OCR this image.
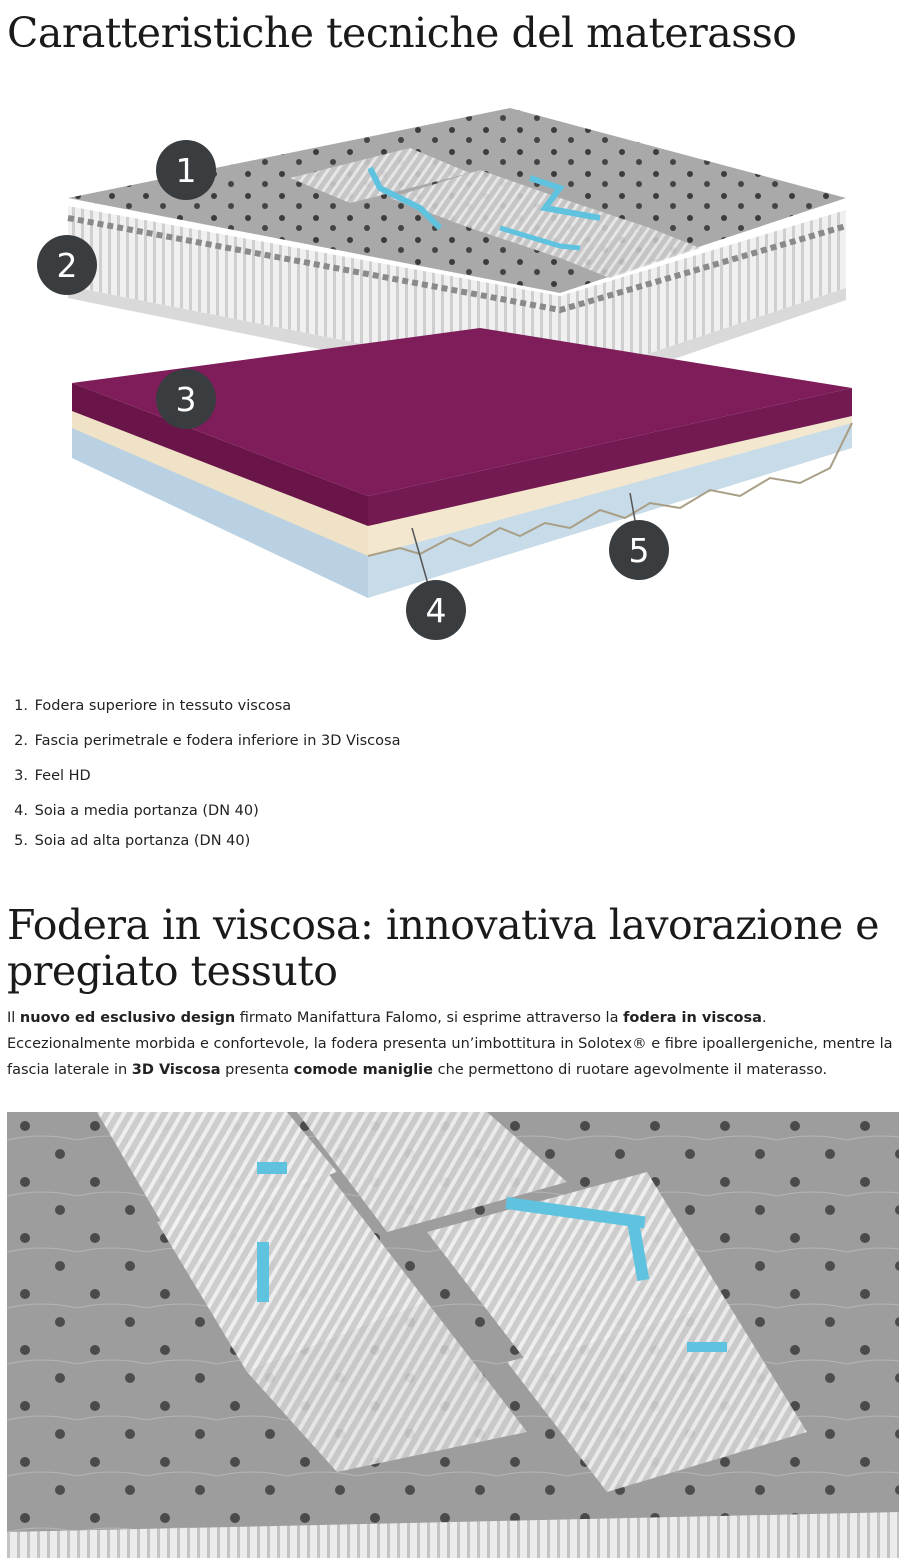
Caratteristiche tecniche del materasso
1
2
3
4
5
1. Fodera superiore in tessuto viscosa
2. Fascia perimetrale e fodera inferiore in 3D Viscosa
3. Feel HD
4. Soia a media portanza (DN 40)
5. Soia ad alta portanza (DN 40)
Fodera in viscosa: innovativa lavorazione e pregiato tessuto

Il nuovo ed esclusivo design firmato Manifattura Falomo, si esprime attraverso la fodera in viscosa. Eccezionalmente morbida e confortevole, la fodera presenta un’imbottitura in Solotex® e fibre ipoallergeniche, mentre la fascia laterale in 3D Viscosa presenta comode maniglie che permettono di ruotare agevolmente il materasso.
